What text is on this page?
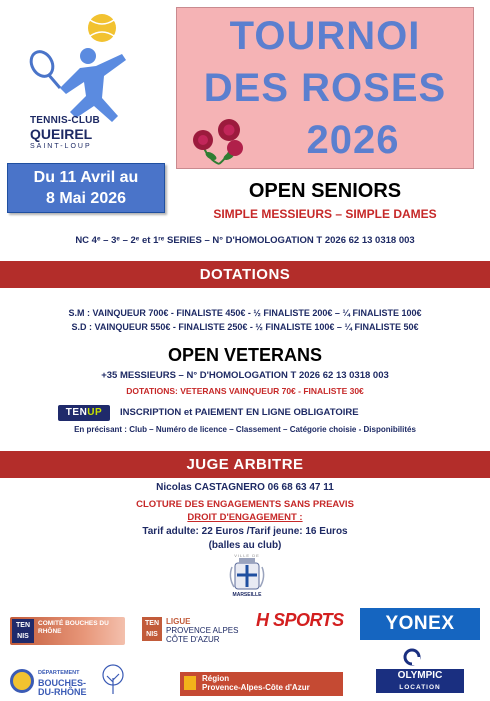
TENNIS-CLUB
QUEIREL
SAINT-LOUP
TOURNOI
DES ROSES
2026
Du 11 Avril au
8 Mai 2026	OPEN SENIORS
SIMPLE MESSIEURS – SIMPLE DAMES
NC 4ᵉ – 3ᵉ – 2ᵉ et 1ʳᵉ SERIES – N° D'HOMOLOGATION T 2026 62 13 0318 003
DOTATIONS
S.M : VAINQUEUR 700€ - FINALISTE 450€ - ½ FINALISTE 200€ – ¼ FINALISTE 100€
S.D : VAINQUEUR 550€ - FINALISTE 250€ - ½ FINALISTE 100€ – ¼ FINALISTE 50€
OPEN VETERANS
+35 MESSIEURS – N° D'HOMOLOGATION T 2026 62 13 0318 003
DOTATIONS: VETERANS VAINQUEUR 70€ - FINALISTE 30€
TENUP	INSCRIPTION et PAIEMENT EN LIGNE OBLIGATOIRE
En précisant : Club – Numéro de licence – Classement – Catégorie choisie - Disponibilités
JUGE ARBITRE
Nicolas CASTAGNERO 06 68 63 47 11
CLOTURE DES ENGAGEMENTS SANS PREAVIS
DROIT D'ENGAGEMENT :
Tarif adulte: 22 Euros /Tarif jeune: 16 Euros
(balles au club)
VILLE DE
MARSEILLE
TEN NIS
COMITÉ BOUCHES DU RHÔNE
TEN NIS
LIGUE
PROVENCE ALPES
CÔTE D'AZUR
H SPORTS	YONEX
DÉPARTEMENT
BOUCHES-
DU-RHÔNE
Région
Provence-Alpes-Côte d'Azur
OLYMPIC
LOCATION
